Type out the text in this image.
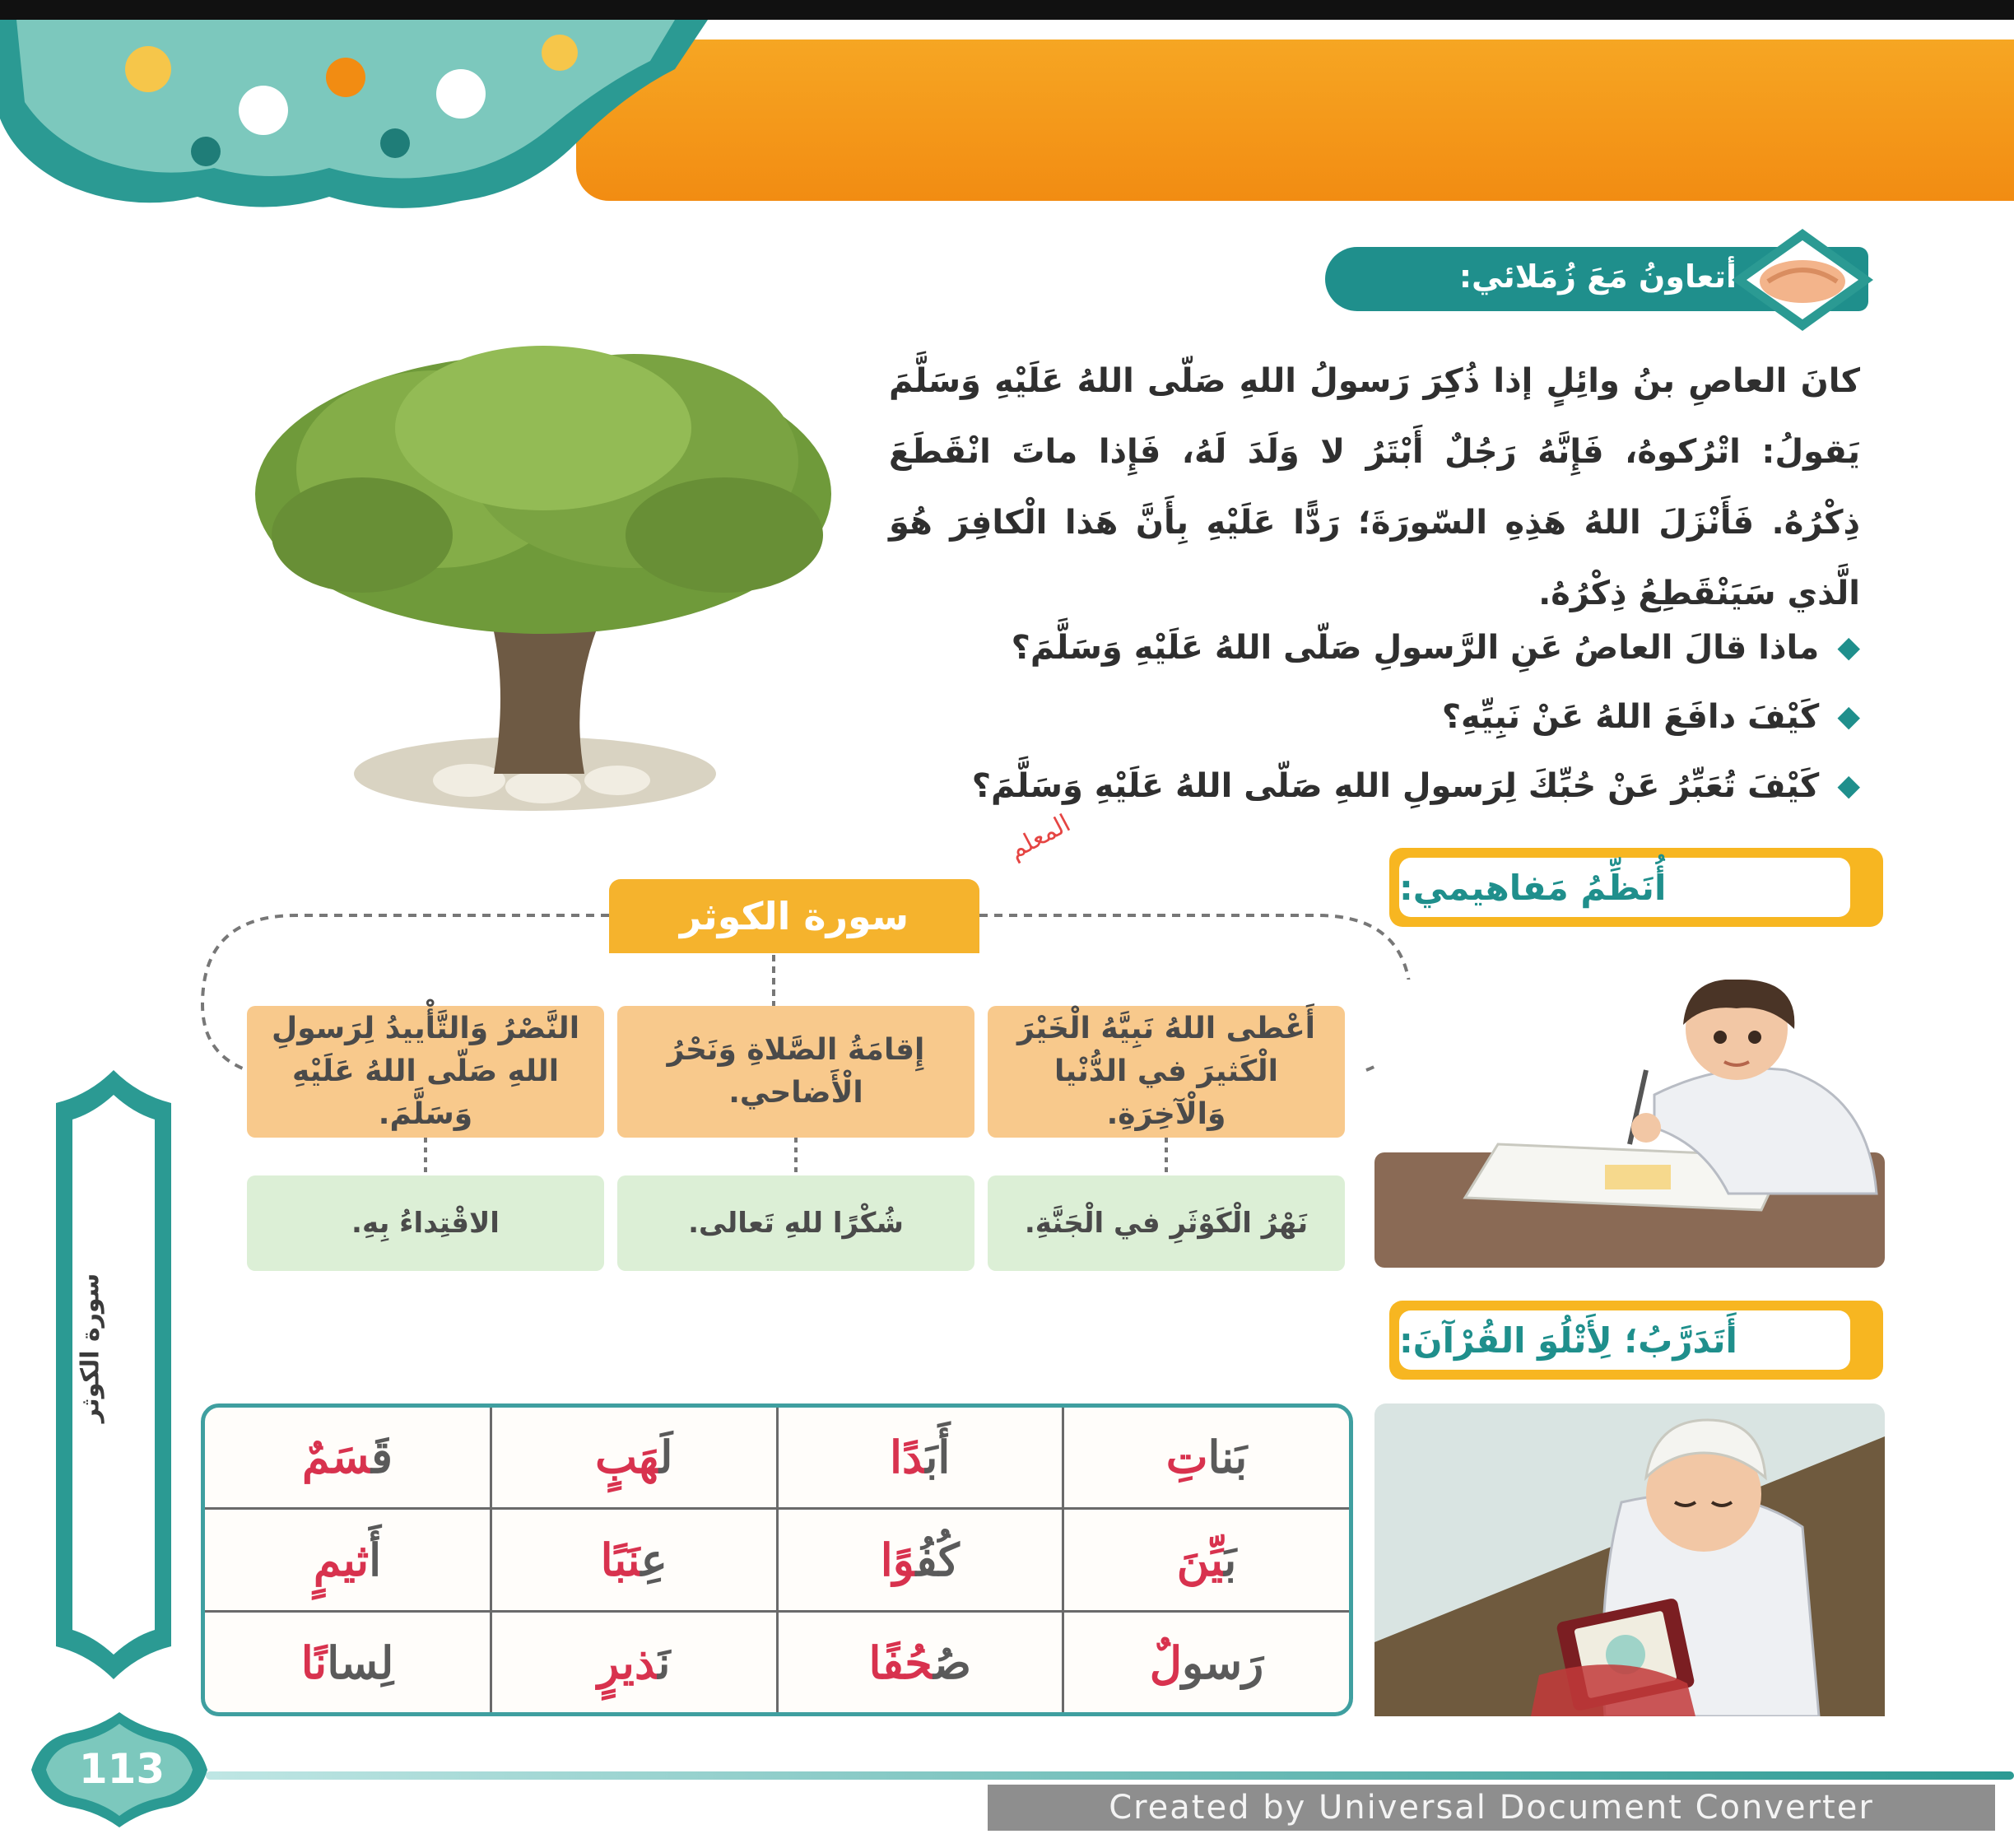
أتعاونُ مَعَ زُمَلائي:
كانَ العاصِ بنُ وائِلٍ إذا ذُكِرَ رَسولُ اللهِ صَلّى اللهُ عَلَيْهِ وَسَلَّمَ يَقولُ: اتْرُكوهُ، فَإِنَّهُ رَجُلٌ أَبْتَرُ لا وَلَدَ لَهُ، فَإِذا ماتَ انْقَطَعَ ذِكْرُهُ. فَأَنْزَلَ اللهُ هَذِهِ السّورَةَ؛ رَدًّا عَلَيْهِ بِأَنَّ هَذا الْكافِرَ هُوَ الَّذي سَيَنْقَطِعُ ذِكْرُهُ.
◆
ماذا قالَ العاصُ عَنِ الرَّسولِ صَلّى اللهُ عَلَيْهِ وَسَلَّمَ؟
◆
كَيْفَ دافَعَ اللهُ عَنْ نَبِيِّهِ؟
◆
كَيْفَ تُعَبِّرُ عَنْ حُبِّكَ لِرَسولِ اللهِ صَلّى اللهُ عَلَيْهِ وَسَلَّمَ؟
المعلم
أُنَظِّمُ مَفاهيمي:
أَتَدَرَّبُ؛ لِأَتْلُوَ القُرْآنَ:
سورة الكوثر
أَعْطى اللهُ نَبِيَّهُ الْخَيْرَ الْكَثيرَ في الدُّنْيا وَالْآخِرَةِ.
إِقامَةُ الصَّلاةِ وَنَحْرُ الْأَضاحي.
النَّصْرُ وَالتَّأْييدُ لِرَسولِ اللهِ صَلّى اللهُ عَلَيْهِ وَسَلَّمَ.
نَهْرُ الْكَوْثَرِ في الْجَنَّةِ.
شُكْرًا للهِ تَعالى.
الاقْتِداءُ بِهِ.
بَناتِ	أَبَدًا	لَهَبٍ	قَسَمٌ
بَيِّنَ	كُفُوًا	عِنَبًا	أَثيمٍ
رَسولٌ	صُحُفًا	نَذيرٍ	لِسانًا
سورة الكوثر
113
Created by Universal Document Converter
